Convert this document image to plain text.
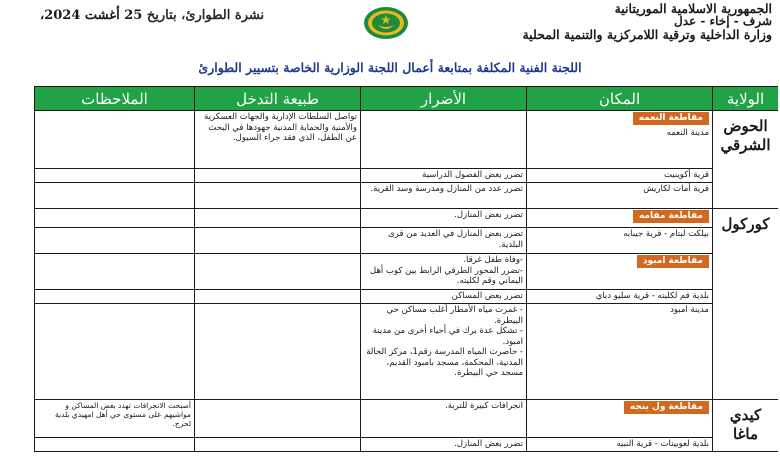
الجمهورية الاسلامية الموريتانية
شرف - إخاء - عدل
وزارة الداخلية وترقية اللامركزية والتنمية المحلية
نشرة الطوارئ، بتاريخ 25 أغشت 2024،
اللجنة الفنية المكلفة بمتابعة أعمال اللجنة الوزارية الخاصة بتسيير الطوارئ
الولاية	المكان	الأضرار	طبيعة التدخل	الملاحظات
الحوض الشرقي	مقاطعة النعمه
مدينة النعمه		تواصل السلطات الإدارية والجهات العسكرية والأمنية والحماية المدنية جهودها في البحث عن الطفل، الذي فقد جراء السيول.	
	قرية أكوينيت	تضرر بعض الفصول الدراسية		
	قرية أمات لكاريش	تضرر عدد من المنازل ومدرسة وسد القرية.		
كوركول	مقاطعة مقامه	تضرر بعض المنازل.		
	بيلكت لبتام - قرية جيبابه	تضرر بعض المنازل في العديد من قرى البلدية.		
	مقاطعة امبود	-وفاة طفل غرقا.
-تضرر المحور الطرقي الرابط بين كوب أهل اليماني وقم لكليته.		
	بلدية قم لكليته - قرية سليو دباي	تضرر بعض المساكن		
	مدينة امبود	- غمرت مياه الأمطار أغلب مساكن حي البيطرة.
- تشكل عدة برك في أحياء أخرى من مدينة امبود.
- حاصرت المياه المدرسة رقم1، مركز الحالة المدنية، المحكمة، مسجد بامبود القديم، مسجد حي البيطرة.		
كيدي ماغا	مقاطعة ول ينجه	انجرافات كبيرة للتربة.		أصبحت الانجرافات تهدد بعض المساكن و مواشيهم على مستوى حي أهل امهيدي بلدية لحرج.
	بلدية لعويينات - قرية النبيه	تضرر بعض المنازل.		
